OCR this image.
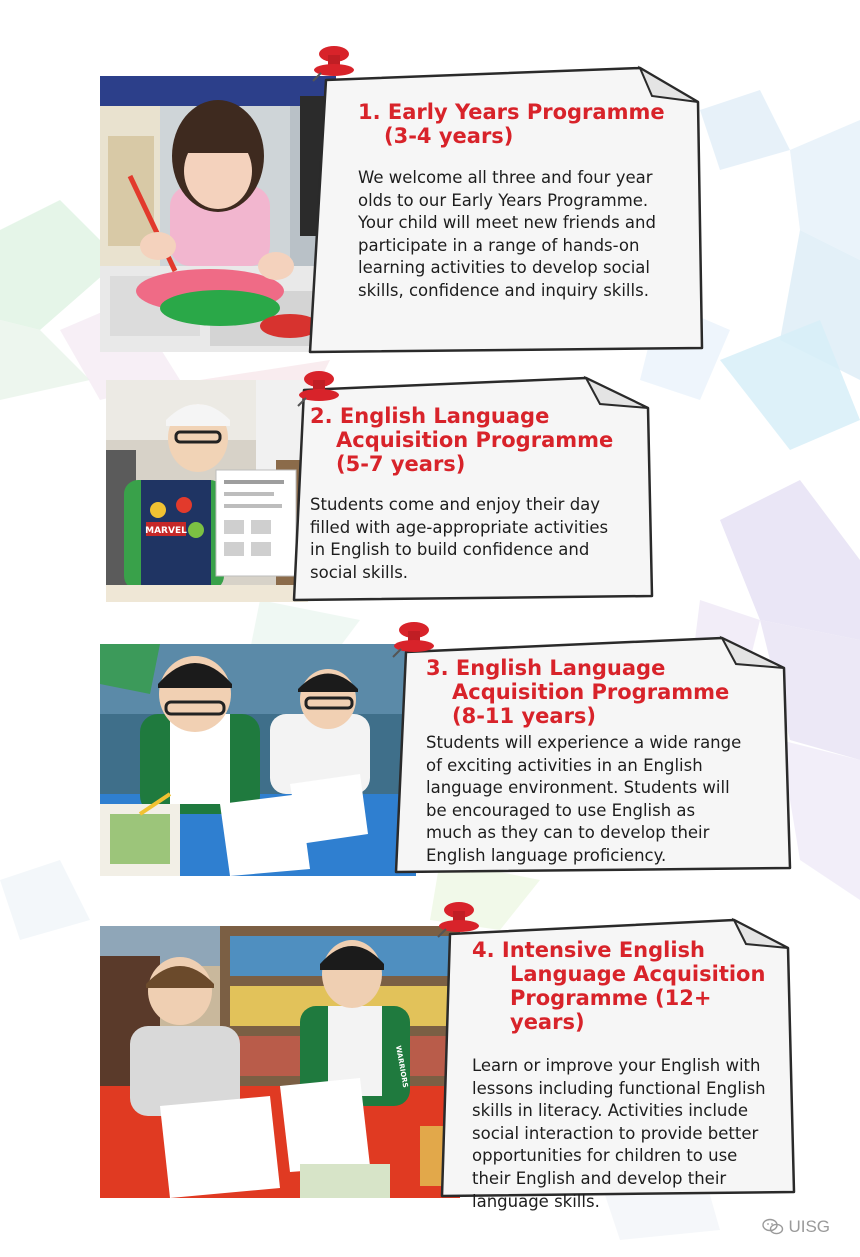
1. Early Years Programme
(3-4 years)

We welcome all three and four year
olds to our Early Years Programme.
Your child will meet new friends and
participate in a range of hands-on
learning activities to develop social
skills, confidence and inquiry skills.

MARVEL

2. English Language
Acquisition Programme
(5-7 years)

Students come and enjoy their day
filled with age-appropriate activities
in English to build confidence and
social skills.

3. English Language
Acquisition Programme
(8-11 years)

Students will experience a wide range
of exciting activities in an English
language environment. Students will
be encouraged to use English as
much as they can to develop their
English language proficiency.

WARRIORS

4. Intensive English
Language Acquisition
Programme (12+ years)

Learn or improve your English with
lessons including functional English
skills in literacy. Activities include
social interaction to provide better
opportunities for children to use
their English and develop their
language skills.

UISG
